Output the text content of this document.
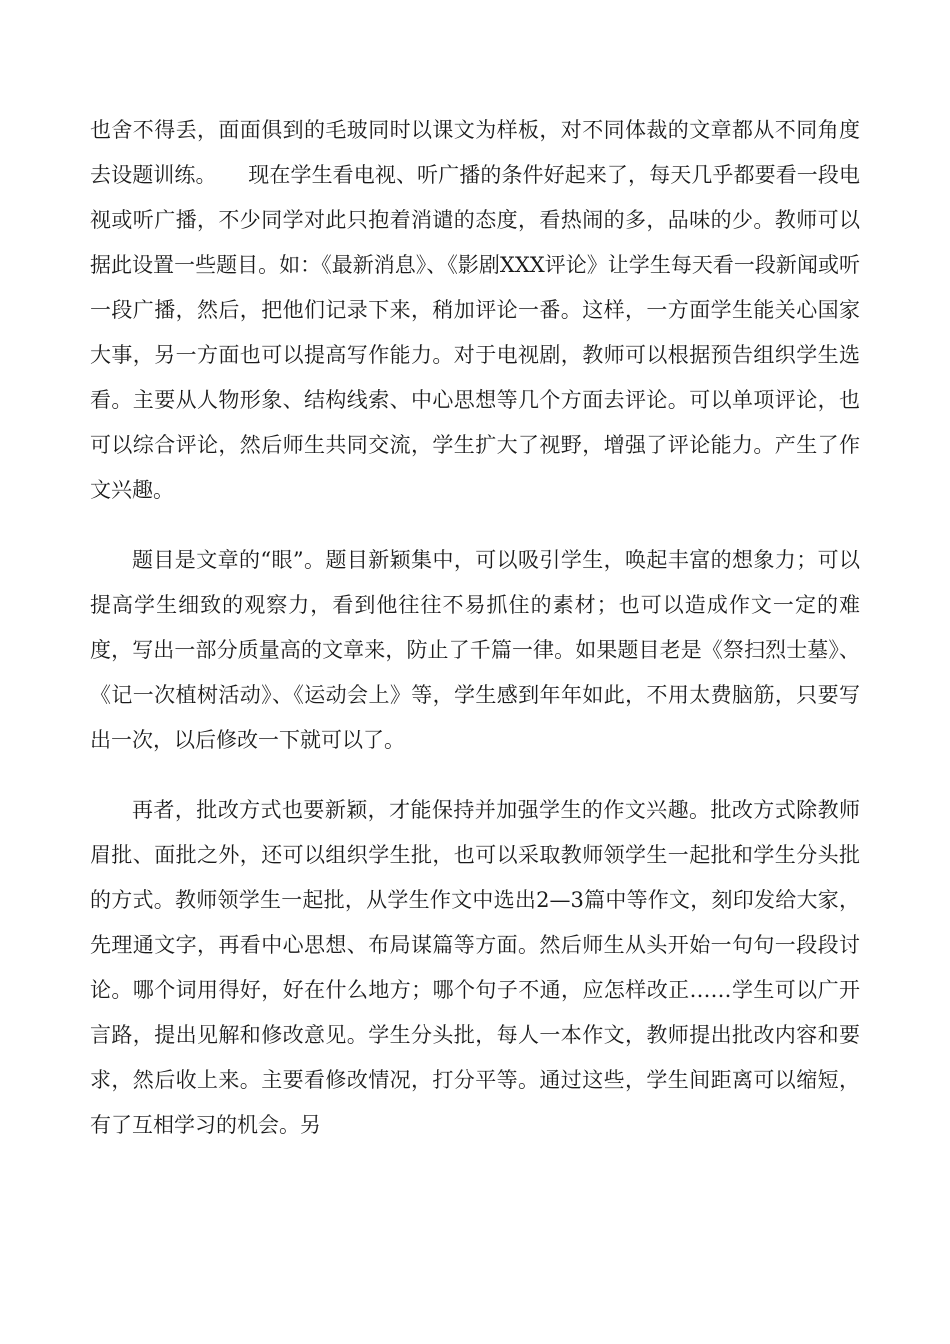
也舍不得丢，面面俱到的毛玻同时以课文为样板，对不同体裁的文章都从不同角度去设题训练。　　现在学生看电视、听广播的条件好起来了，每天几乎都要看一段电视或听广播，不少同学对此只抱着消谴的态度，看热闹的多，品味的少。教师可以据此设置一些题目。如：《最新消息》、《影剧XXX评论》让学生每天看一段新闻或听一段广播，然后，把他们记录下来，稍加评论一番。这样，一方面学生能关心国家大事，另一方面也可以提高写作能力。对于电视剧，教师可以根据预告组织学生选看。主要从人物形象、结构线索、中心思想等几个方面去评论。可以单项评论，也可以综合评论，然后师生共同交流，学生扩大了视野，增强了评论能力。产生了作文兴趣。

题目是文章的“眼”。题目新颖集中，可以吸引学生，唤起丰富的想象力；可以提高学生细致的观察力，看到他往往不易抓住的素材；也可以造成作文一定的难度，写出一部分质量高的文章来，防止了千篇一律。如果题目老是《祭扫烈士墓》、《记一次植树活动》、《运动会上》等，学生感到年年如此，不用太费脑筋，只要写出一次，以后修改一下就可以了。

再者，批改方式也要新颖，才能保持并加强学生的作文兴趣。批改方式除教师眉批、面批之外，还可以组织学生批，也可以采取教师领学生一起批和学生分头批的方式。教师领学生一起批，从学生作文中选出2—3篇中等作文，刻印发给大家，先理通文字，再看中心思想、布局谋篇等方面。然后师生从头开始一句句一段段讨论。哪个词用得好，好在什么地方；哪个句子不通，应怎样改正……学生可以广开言路，提出见解和修改意见。学生分头批，每人一本作文，教师提出批改内容和要求，然后收上来。主要看修改情况，打分平等。通过这些，学生间距离可以缩短，有了互相学习的机会。另
